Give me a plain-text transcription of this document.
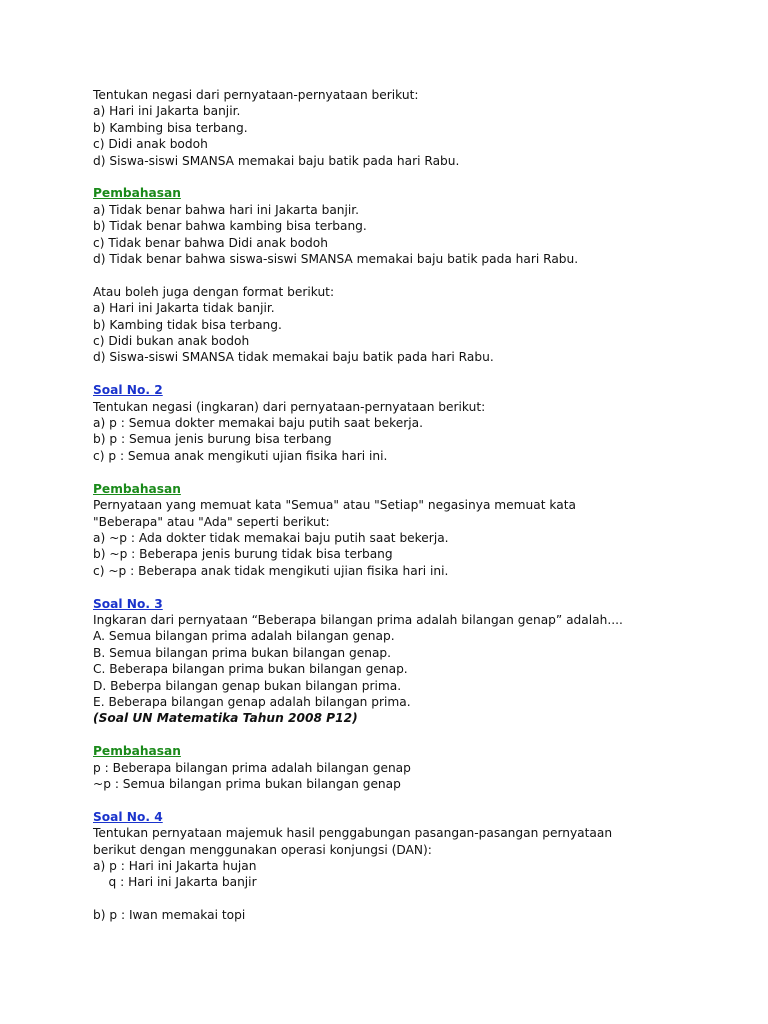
Tentukan negasi dari pernyataan-pernyataan berikut:

a) Hari ini Jakarta banjir.

b) Kambing bisa terbang.

c) Didi anak bodoh

d) Siswa-siswi SMANSA memakai baju batik pada hari Rabu.

Pembahasan

a) Tidak benar bahwa hari ini Jakarta banjir.

b) Tidak benar bahwa kambing bisa terbang.

c) Tidak benar bahwa Didi anak bodoh

d) Tidak benar bahwa siswa-siswi SMANSA memakai baju batik pada hari Rabu.

Atau boleh juga dengan format berikut:

a) Hari ini Jakarta tidak banjir.

b) Kambing tidak bisa terbang.

c) Didi bukan anak bodoh

d) Siswa-siswi SMANSA tidak memakai baju batik pada hari Rabu.

Soal No. 2

Tentukan negasi (ingkaran) dari pernyataan-pernyataan berikut:

a) p : Semua dokter memakai baju putih saat bekerja.

b) p : Semua jenis burung bisa terbang

c) p : Semua anak mengikuti ujian fisika hari ini.

Pembahasan

Pernyataan yang memuat kata "Semua" atau "Setiap" negasinya memuat kata

"Beberapa" atau "Ada" seperti berikut:

a) ~p : Ada dokter tidak memakai baju putih saat bekerja.

b) ~p : Beberapa jenis burung tidak bisa terbang

c) ~p : Beberapa anak tidak mengikuti ujian fisika hari ini.

Soal No. 3

Ingkaran dari pernyataan “Beberapa bilangan prima adalah bilangan genap” adalah....

A. Semua bilangan prima adalah bilangan genap.

B. Semua bilangan prima bukan bilangan genap.

C. Beberapa bilangan prima bukan bilangan genap.

D. Beberpa bilangan genap bukan bilangan prima.

E. Beberapa bilangan genap adalah bilangan prima.

(Soal UN Matematika Tahun 2008 P12)

Pembahasan

p : Beberapa bilangan prima adalah bilangan genap

~p : Semua bilangan prima bukan bilangan genap

Soal No. 4

Tentukan pernyataan majemuk hasil penggabungan pasangan-pasangan pernyataan

berikut dengan menggunakan operasi konjungsi (DAN):

a) p : Hari ini Jakarta hujan

q : Hari ini Jakarta banjir

b) p : Iwan memakai topi
